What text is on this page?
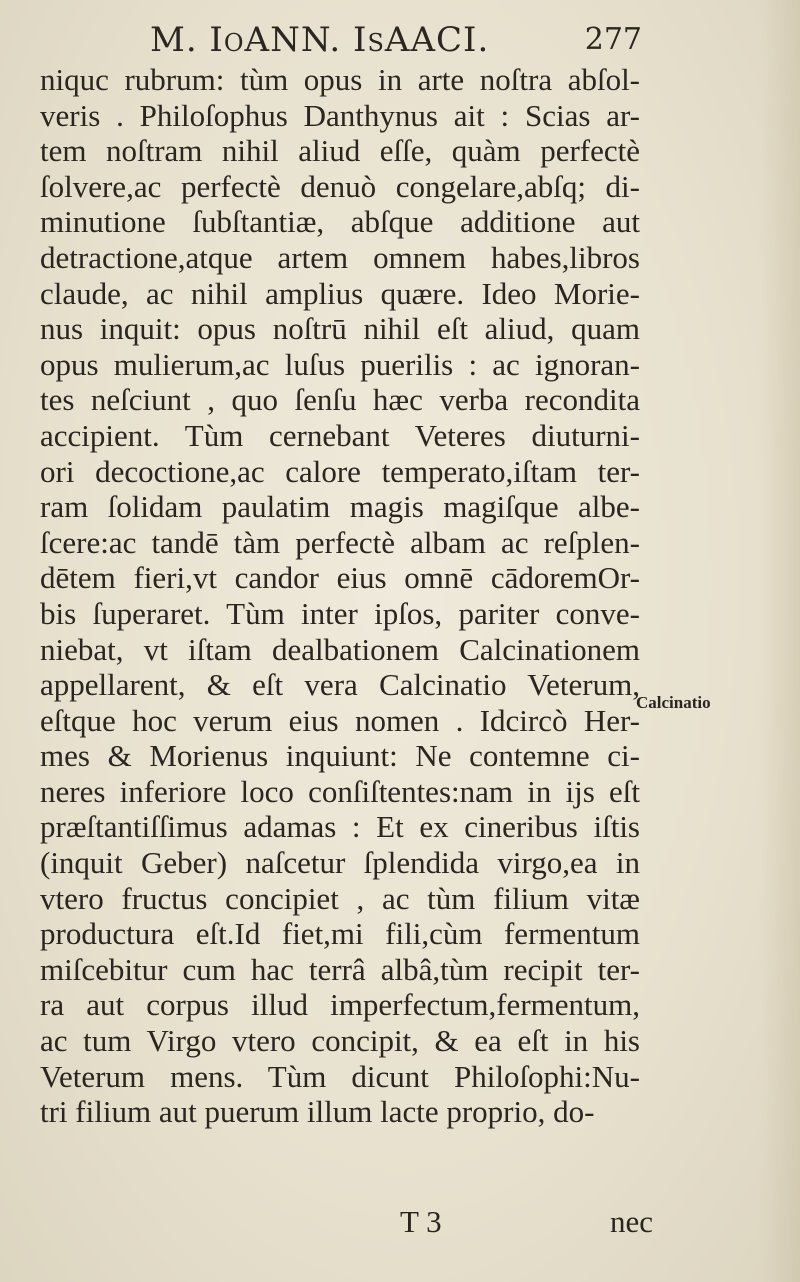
M. IoANN. IsAACI.	277
niquc rubrum: tùm opus in arte noſtra abſol-
veris . Philoſophus Danthynus ait : Scias ar-
tem noſtram nihil aliud eſſe, quàm perfectè
ſolvere,ac perfectè denuò congelare,abſq; di-
minutione ſubſtantiæ, abſque additione aut
detractione,atque artem omnem habes,libros
claude, ac nihil amplius quære. Ideo Morie-
nus inquit: opus noſtrū nihil eſt aliud, quam
opus mulierum,ac luſus puerilis : ac ignoran-
tes neſciunt , quo ſenſu hæc verba recondita
accipient. Tùm cernebant Veteres diuturni-
ori decoctione,ac calore temperato,iſtam ter-
ram ſolidam paulatim magis magiſque albe-
ſcere:ac tandē tàm perfectè albam ac reſplen-
dētem fieri,vt candor eius omnē cādoremOr-
bis ſuperaret. Tùm inter ipſos, pariter conve-
niebat, vt iſtam dealbationem Calcinationem
appellarent, & eſt vera Calcinatio Veterum,
eſtque hoc verum eius nomen . Idcircò Her-
mes & Morienus inquiunt: Ne contemne ci-
neres inferiore loco conſiſtentes:nam in ijs eſt
præſtantiſſimus adamas : Et ex cineribus iſtis
(inquit Geber) naſcetur ſplendida virgo,ea in
vtero fructus concipiet , ac tùm filium vitæ
productura eſt.Id fiet,mi fili,cùm fermentum
miſcebitur cum hac terrâ albâ,tùm recipit ter-
ra aut corpus illud imperfectum,fermentum,
ac tum Virgo vtero concipit, & ea eſt in his
Veterum mens. Tùm dicunt Philoſophi:Nu-
tri filium aut puerum illum lacte proprio, do-
Calcinatio
T 3	nec
